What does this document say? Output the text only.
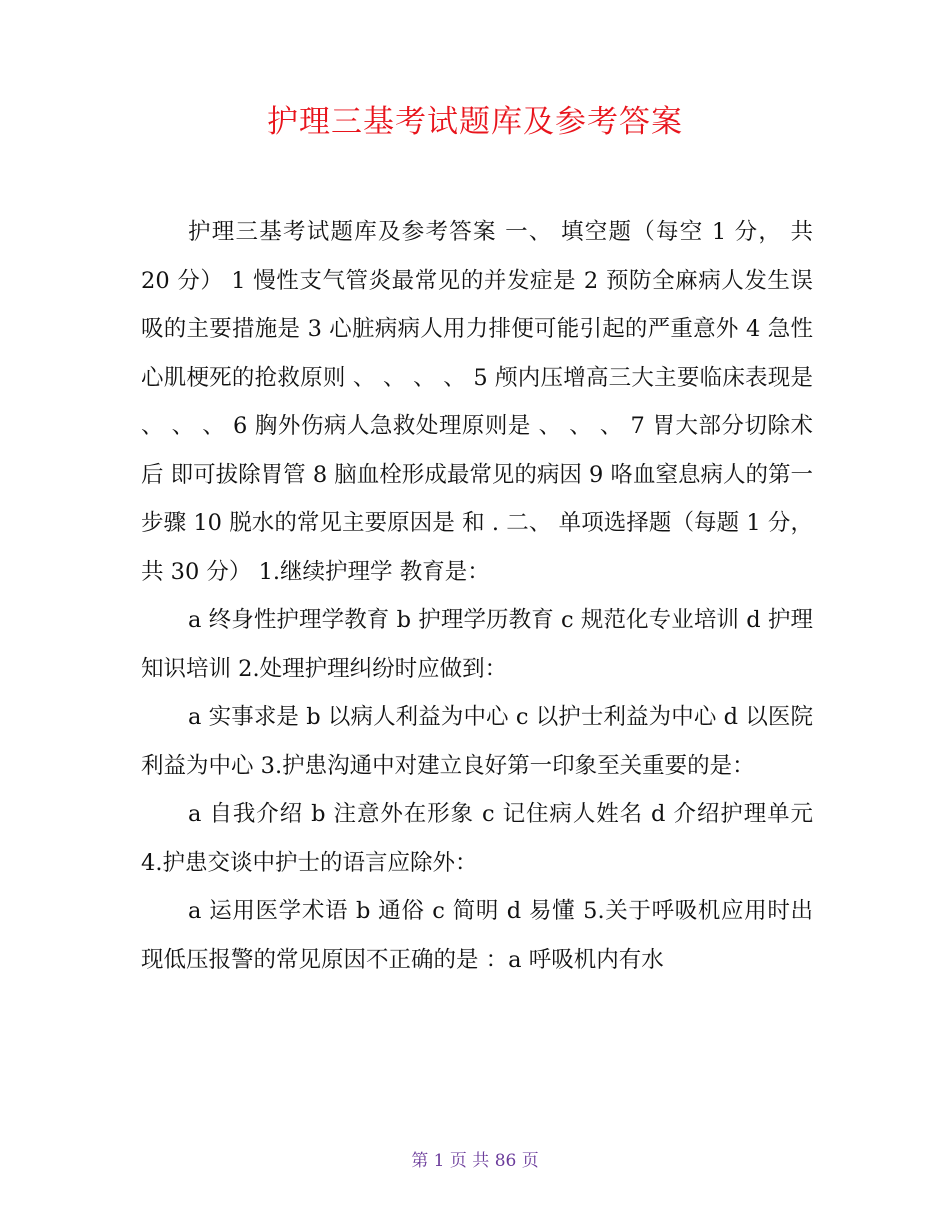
护理三基考试题库及参考答案

护理三基考试题库及参考答案 一、 填空题（每空 1 分， 共 20 分） 1 慢性支气管炎最常见的并发症是 2 预防全麻病人发生误吸的主要措施是 3 心脏病病人用力排便可能引起的严重意外 4 急性心肌梗死的抢救原则 、 、 、 、 5 颅内压增高三大主要临床表现是 、 、 、 6 胸外伤病人急救处理原则是 、 、 、 7 胃大部分切除术后 即可拔除胃管 8 脑血栓形成最常见的病因 9 咯血窒息病人的第一步骤 10 脱水的常见主要原因是 和 . 二、 单项选择题（每题 1 分，共 30 分） 1.继续护理学 教育是：

a 终身性护理学教育 b 护理学历教育 c 规范化专业培训 d 护理知识培训 2.处理护理纠纷时应做到：

a 实事求是 b 以病人利益为中心 c 以护士利益为中心 d 以医院利益为中心 3.护患沟通中对建立良好第一印象至关重要的是：

a 自我介绍 b 注意外在形象 c 记住病人姓名 d 介绍护理单元 4.护患交谈中护士的语言应除外：

a 运用医学术语 b 通俗 c 简明 d 易懂 5.关于呼吸机应用时出现低压报警的常见原因不正确的是 ：a 呼吸机内有水

第 1 页 共 86 页
